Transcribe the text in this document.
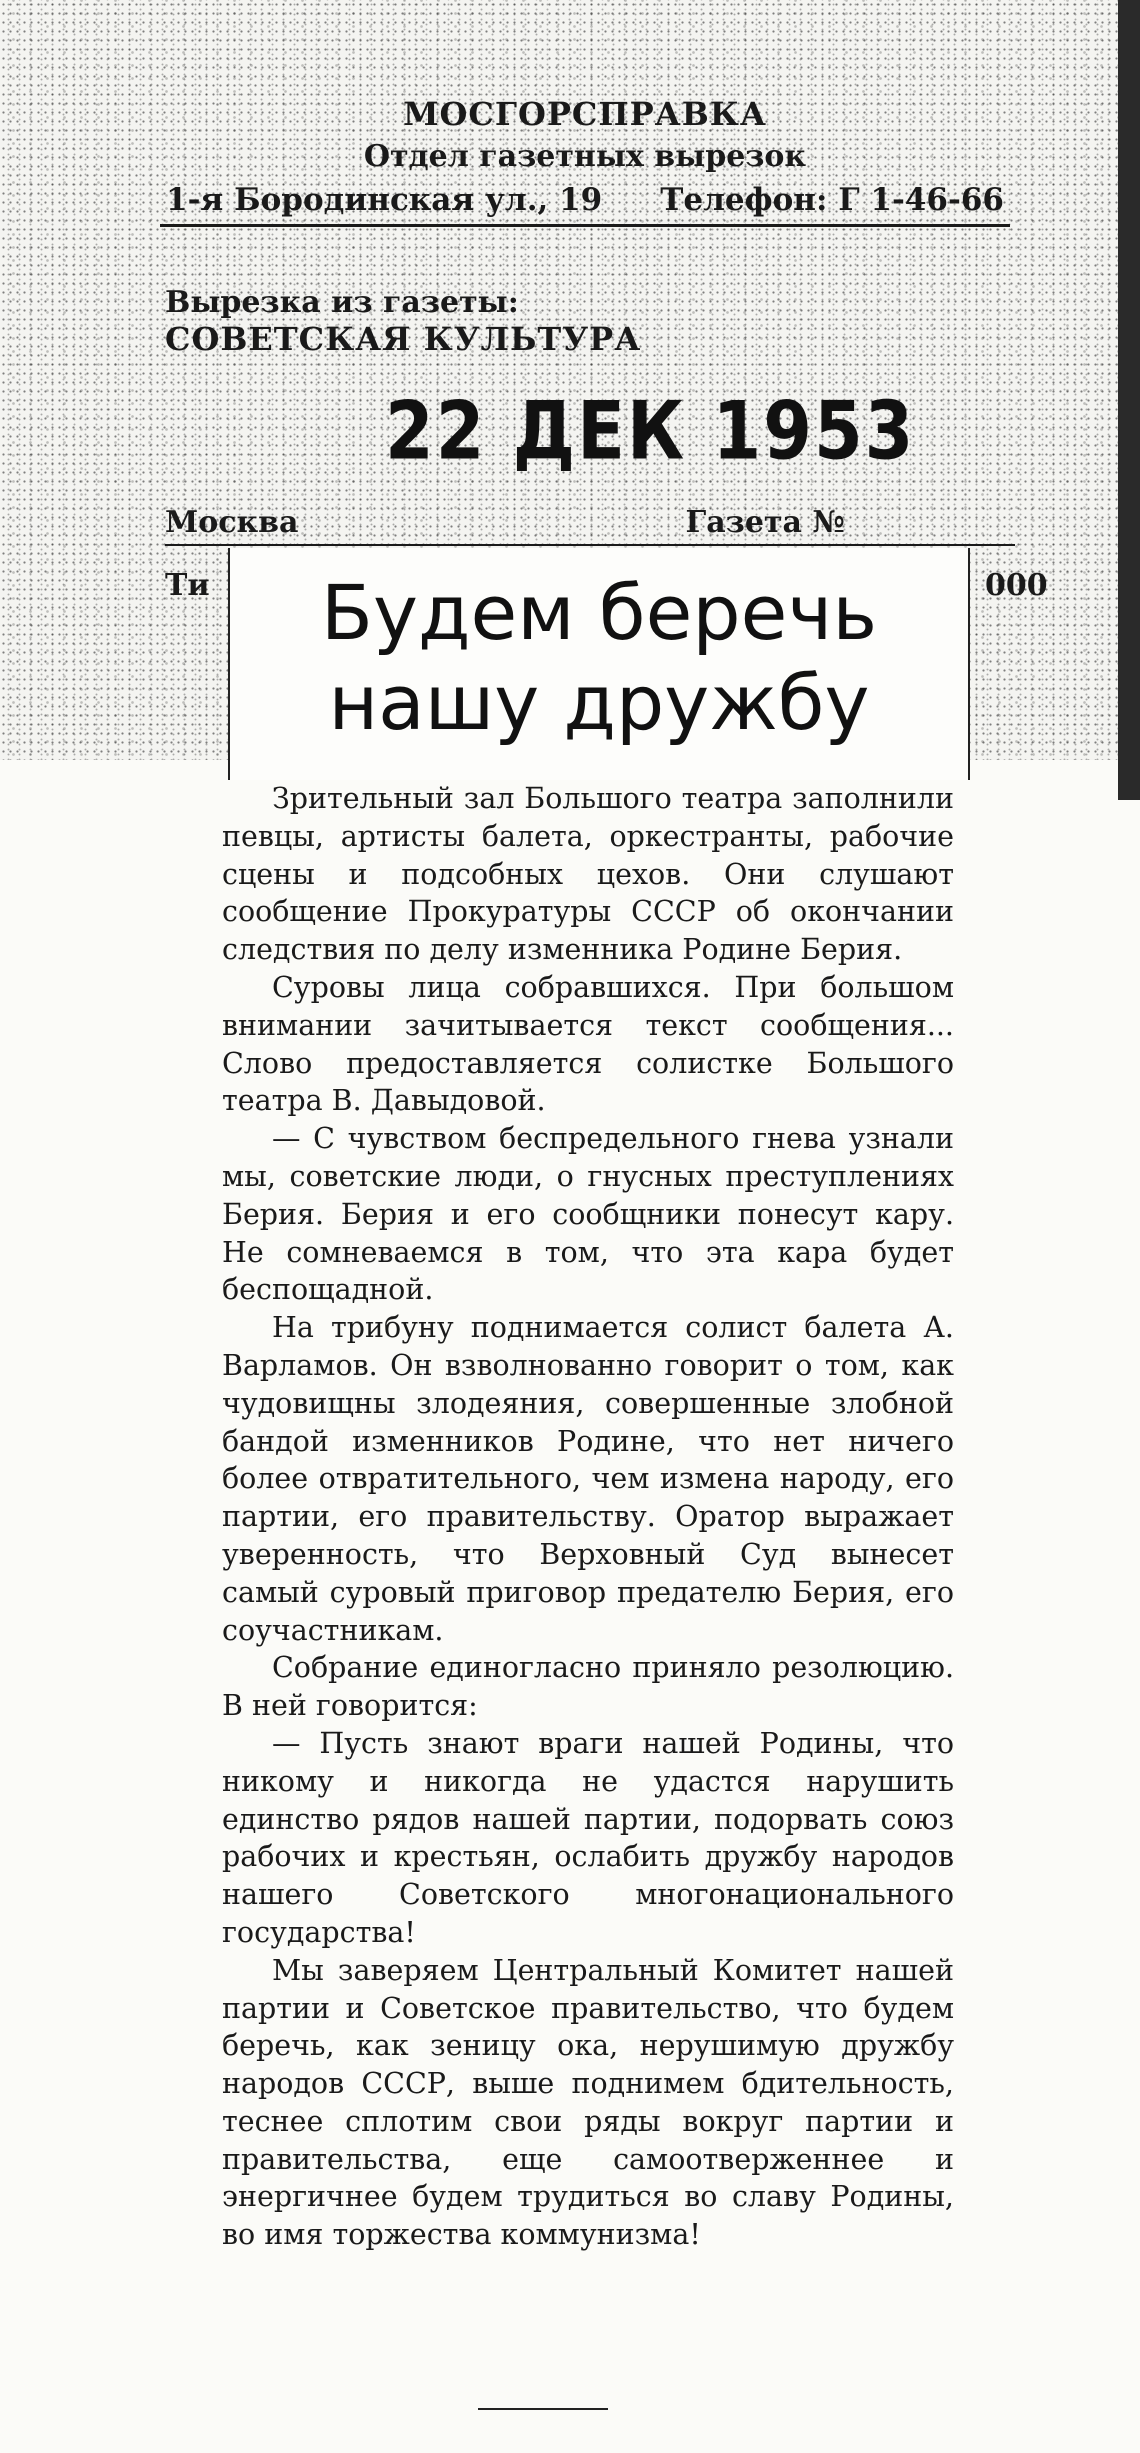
МОСГОРСПРАВКА
Отдел газетных вырезок
1-я Бородинская ул., 19 Телефон: Г 1-46-66
Вырезка из газеты:
СОВЕТСКАЯ КУЛЬТУРА
22 ДЕК 1953
Москва	Газета №
Ти	000
Будем беречь
нашу дружбу

Зрительный зал Большого театра заполнили певцы, артисты балета, оркестранты, рабочие сцены и подсобных цехов. Они слушают сообщение Прокуратуры СССР об окончании следствия по делу изменника Родине Берия.

Суровы лица собравшихся. При большом внимании зачитывается текст сообщения... Слово предоставляется солистке Большого театра В. Давыдовой.

— С чувством беспредельного гнева узнали мы, советские люди, о гнусных преступлениях Берия. Берия и его сообщники понесут кару. Не сомневаемся в том, что эта кара будет беспощадной.

На трибуну поднимается солист балета А. Варламов. Он взволнованно говорит о том, как чудовищны злодеяния, совершенные злобной бандой изменников Родине, что нет ничего более отвратительного, чем измена народу, его партии, его правительству. Оратор выражает уверенность, что Верховный Суд вынесет самый суровый приговор предателю Берия, его соучастникам.

Собрание единогласно приняло резолюцию. В ней говорится:

— Пусть знают враги нашей Родины, что никому и никогда не удастся нарушить единство рядов нашей партии, подорвать союз рабочих и крестьян, ослабить дружбу народов нашего Советского многонационального государства!

Мы заверяем Центральный Комитет нашей партии и Советское правительство, что будем беречь, как зеницу ока, нерушимую дружбу народов СССР, выше поднимем бдительность, теснее сплотим свои ряды вокруг партии и правительства, еще самоотверженнее и энергичнее будем трудиться во славу Родины, во имя торжества коммунизма!
